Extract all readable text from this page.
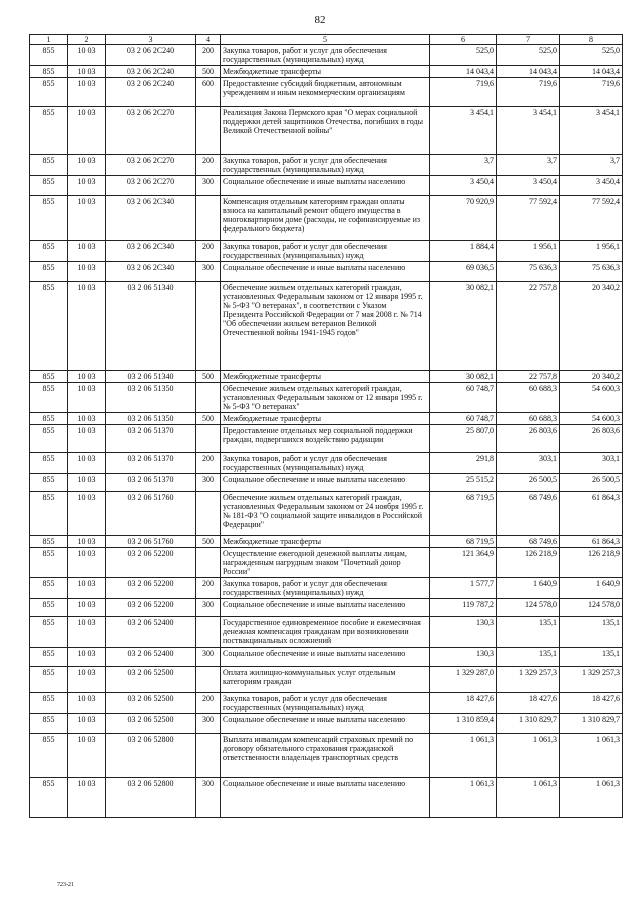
82
1	2	3	4	5	6	7	8
855	10 03	03 2 06 2C240	200	Закупка товаров, работ и услуг для обеспечения государственных (муниципальных) нужд	525,0	525,0	525,0
855	10 03	03 2 06 2C240	500	Межбюджетные трансферты	14 043,4	14 043,4	14 043,4
855	10 03	03 2 06 2C240	600	Предоставление субсидий бюджетным, автономным учреждениям и иным некоммерческим организациям	719,6	719,6	719,6
855	10 03	03 2 06 2C270		Реализация Закона Пермского края "О мерах социальной поддержки детей защитников Отечества, погибших в годы Великой Отечественной войны"	3 454,1	3 454,1	3 454,1
855	10 03	03 2 06 2C270	200	Закупка товаров, работ и услуг для обеспечения государственных (муниципальных) нужд	3,7	3,7	3,7
855	10 03	03 2 06 2C270	300	Социальное обеспечение и иные выплаты населению	3 450,4	3 450,4	3 450,4
855	10 03	03 2 06 2C340		Компенсация отдельным категориям граждан оплаты взноса на капитальный ремонт общего имущества в многоквартирном доме (расходы, не софинансируемые из федерального бюджета)	70 920,9	77 592,4	77 592,4
855	10 03	03 2 06 2C340	200	Закупка товаров, работ и услуг для обеспечения государственных (муниципальных) нужд	1 884,4	1 956,1	1 956,1
855	10 03	03 2 06 2C340	300	Социальное обеспечение и иные выплаты населению	69 036,5	75 636,3	75 636,3
855	10 03	03 2 06 51340		Обеспечение жильем отдельных категорий граждан, установленных Федеральным законом от 12 января 1995 г. № 5-ФЗ "О ветеранах", в соответствии с Указом Президента Российской Федерации от 7 мая 2008 г. № 714 "Об обеспечении жильем ветеранов Великой Отечественной войны 1941-1945 годов"	30 082,1	22 757,8	20 340,2
855	10 03	03 2 06 51340	500	Межбюджетные трансферты	30 082,1	22 757,8	20 340,2
855	10 03	03 2 06 51350		Обеспечение жильем отдельных категорий граждан, установленных Федеральным законом от 12 января 1995 г. № 5-ФЗ "О ветеранах"	60 748,7	60 688,3	54 600,3
855	10 03	03 2 06 51350	500	Межбюджетные трансферты	60 748,7	60 688,3	54 600,3
855	10 03	03 2 06 51370		Предоставление отдельных мер социальной поддержки граждан, подвергшихся воздействию радиации	25 807,0	26 803,6	26 803,6
855	10 03	03 2 06 51370	200	Закупка товаров, работ и услуг для обеспечения государственных (муниципальных) нужд	291,8	303,1	303,1
855	10 03	03 2 06 51370	300	Социальное обеспечение и иные выплаты населению	25 515,2	26 500,5	26 500,5
855	10 03	03 2 06 51760		Обеспечение жильем отдельных категорий граждан, установленных Федеральным законом от 24 ноября 1995 г. № 181-ФЗ "О социальной защите инвалидов в Российской Федерации"	68 719,5	68 749,6	61 864,3
855	10 03	03 2 06 51760	500	Межбюджетные трансферты	68 719,5	68 749,6	61 864,3
855	10 03	03 2 06 52200		Осуществление ежегодной денежной выплаты лицам, награжденным нагрудным знаком "Почетный донор России"	121 364,9	126 218,9	126 218,9
855	10 03	03 2 06 52200	200	Закупка товаров, работ и услуг для обеспечения государственных (муниципальных) нужд	1 577,7	1 640,9	1 640,9
855	10 03	03 2 06 52200	300	Социальное обеспечение и иные выплаты населению	119 787,2	124 578,0	124 578,0
855	10 03	03 2 06 52400		Государственное единовременное пособие и ежемесячная денежная компенсация гражданам при возникновении поствакцинальных осложнений	130,3	135,1	135,1
855	10 03	03 2 06 52400	300	Социальное обеспечение и иные выплаты населению	130,3	135,1	135,1
855	10 03	03 2 06 52500		Оплата жилищно-коммунальных услуг отдельным категориям граждан	1 329 287,0	1 329 257,3	1 329 257,3
855	10 03	03 2 06 52500	200	Закупка товаров, работ и услуг для обеспечения государственных (муниципальных) нужд	18 427,6	18 427,6	18 427,6
855	10 03	03 2 06 52500	300	Социальное обеспечение и иные выплаты населению	1 310 859,4	1 310 829,7	1 310 829,7
855	10 03	03 2 06 52800		Выплата инвалидам компенсаций страховых премий по договору обязательного страхования гражданской ответственности владельцев транспортных средств	1 061,3	1 061,3	1 061,3
855	10 03	03 2 06 52800	300	Социальное обеспечение и иные выплаты населению	1 061,3	1 061,3	1 061,3
723-21
